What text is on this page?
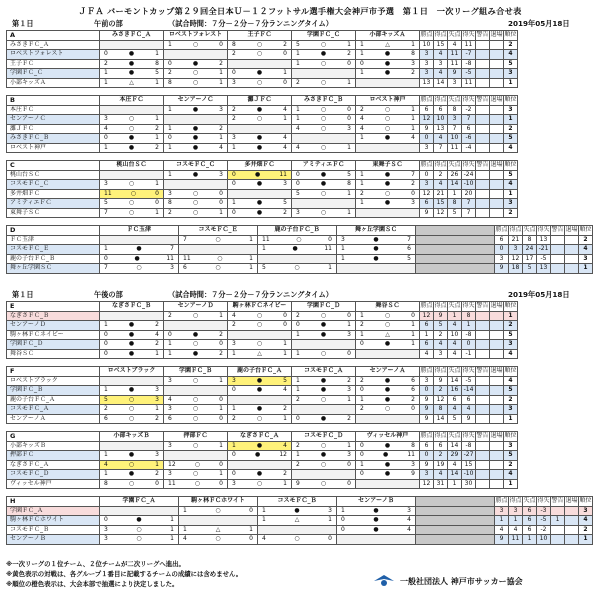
ＪＦＡ バーモントカップ第２９回全日本Ｕ－１２フットサル選手権大会神戸市予選　第１日　一次リーグ組み合せ表
第１日	午前の部	（試合時間：７分－２分－７分ランニングタイム）	2019年05月18日
A	みさきＦＣ_Ａ	ロベストフォレスト	王子ＦＣ	学園ＦＣ_Ｃ	小部キッズＡ	勝点	得点	失点	得失	警告	退場	順位
みさきＦＣ_Ａ		1 ○ 0	8 ○ 2	5 ○ 1	1 △ 1	10	15	4	11			2
ロベストフォレスト	0 ● 1		2 ○ 0	1 ● 2	1 ● 8	3	4	11	-7			4
王子ＦＣ	2 ● 8	0 ● 2		1 ○ 0	0 ● 3	3	3	11	-8			5
学園ＦＣ_Ｃ	1 ● 5	2 ○ 1	0 ● 1		1 ● 2	3	4	9	-5			3
小部キッズＡ	1 △ 1	8 ○ 1	3 ○ 0	2 ○ 1		13	14	3	11			1
B	本庄ＦＣ	センアーノＣ	灘ＪＦＣ	みさきＦＣ_Ｂ	ロベスト神戸	勝点	得点	失点	得失	警告	退場	順位
本庄ＦＣ		1 ● 3	2 ● 4	1 ○ 0	2 ○ 1	6	6	8	-2			3
センアーノＣ	3 ○ 1		2 ○ 1	1 ○ 0	4 ○ 1	12	10	3	7			1
灘ＪＦＣ	4 ○ 2	1 ● 2		4 ○ 3	4 ○ 1	9	13	7	6			2
みさきＦＣ_Ｂ	0 ● 1	0 ● 1	3 ● 4		1 ● 4	0	4	10	-6			5
ロベスト神戸	1 ● 2	1 ● 4	1 ● 4	4 ○ 1		3	7	11	-4			4
C	桃山台ＳＣ	コスモＦＣ_Ｃ	多井畑ＦＣ	アミティエＦＣ	東舞子ＳＣ	勝点	得点	失点	得失	警告	退場	順位
桃山台ＳＣ		1 ● 3	0 ● 11	0 ● 5	1 ● 7	0	2	26	-24			5
コスモＦＣ_Ｃ	3 ○ 1		0 ● 3	0 ● 8	1 ● 2	3	4	14	-10			4
多井畑ＦＣ	11 ○ 0	3 ○ 0		5 ○ 1	2 ○ 0	12	21	1	20			1
アミティエＦＣ	5 ○ 0	8 ○ 0	1 ● 5		1 ● 3	6	15	8	7			3
東舞子ＳＣ	7 ○ 1	2 ○ 1	0 ● 2	3 ○ 1		9	12	5	7			2
D	ＦＣ玉津	コスモＦＣ_Ｅ	鹿の子台ＦＣ_Ｂ	舞ヶ丘学園ＳＣ		勝点	得点	失点	得失	警告	退場	順位
ＦＣ玉津		7 ○ 1	11 ○ 0	3 ● 7		6	21	8	13			2
コスモＦＣ_Ｅ	1 ● 7		1 ● 11	1 ● 6		0	3	24	-21			4
鹿の子台ＦＣ_Ｂ	0 ● 11	11 ○ 1		1 ● 5		3	12	17	-5			3
舞ヶ丘学園ＳＣ	7 ○ 3	6 ○ 1	5 ○ 1			9	18	5	13			1
E	なぎさＦＣ_Ｂ	センアーノＤ	駒ヶ林ＦＣネイビー	学園ＦＣ_Ｄ	舞谷ＳＣ	勝点	得点	失点	得失	警告	退場	順位
なぎさＦＣ_Ｂ		2 ○ 1	4 ○ 0	2 ○ 0	1 ○ 0	12	9	1	8			1
センアーノＤ	1 ● 2		2 ○ 0	0 ● 1	2 ○ 1	6	5	4	1			2
駒ヶ林ＦＣネイビー	0 ● 4	0 ● 2		1 ● 3	1 △ 1	1	2	10	-8			5
学園ＦＣ_Ｄ	0 ● 2	1 ○ 0	3 ○ 1		0 ● 1	6	4	4	0			3
舞谷ＳＣ	0 ● 1	1 ● 2	1 △ 1	1 ○ 0		4	3	4	-1			4
F	ロベストブラック	学園ＦＣ_Ｂ	鹿の子台ＦＣ_Ａ	コスモＦＣ_Ａ	センアーノＡ	勝点	得点	失点	得失	警告	退場	順位
ロベストブラック		3 ○ 1	3 ● 5	1 ● 2	2 ● 6	3	9	14	-5			4
学園ＦＣ_Ｂ	1 ● 3		0 ● 4	1 ● 3	0 ● 6	0	2	16	-14			5
鹿の子台ＦＣ_Ａ	5 ○ 3	4 ○ 0		2 ○ 1	1 ● 2	9	12	6	6			2
コスモＦＣ_Ａ	2 ○ 1	3 ○ 1	1 ● 2		2 ○ 0	9	8	4	4			3
センアーノＡ	6 ○ 2	6 ○ 0	2 ○ 1	0 ● 2		9	14	5	9			1
G	小部キッズＢ	押部ＦＣ	なぎさＦＣ_Ａ	コスモＦＣ_Ｄ	ヴィッセル神戸	勝点	得点	失点	得失	警告	退場	順位
小部キッズＢ		3 ○ 1	1 ● 4	2 ○ 1	0 ● 8	6	6	14	-8			3
押部ＦＣ	1 ● 3		0 ● 12	1 ● 3	0 ● 11	0	2	29	-27			5
なぎさＦＣ_Ａ	4 ○ 1	12 ○ 0		2 ○ 0	1 ● 3	9	19	4	15			2
コスモＦＣ_Ｄ	1 ● 2	3 ○ 1	0 ● 2		0 ● 9	3	4	14	-10			4
ヴィッセル神戸	8 ○ 0	11 ○ 0	3 ○ 1	9 ○ 0		12	31	1	30			1
H	学園ＦＣ_Ａ	駒ヶ林ＦＣホワイト	コスモＦＣ_Ｂ	センアーノＢ		勝点	得点	失点	得失	警告	退場	順位
学園ＦＣ_Ａ		1 ○ 0	1 ● 3	1 ● 3		3	3	6	-3			3
駒ヶ林ＦＣホワイト	0 ● 1		1 △ 1	0 ● 4		1	1	6	-5	1		4
コスモＦＣ_Ｂ	3 ○ 1	1 △ 1		0 ● 4		4	4	6	-2			2
センアーノＢ	3 ○ 1	4 ○ 0	4 ○ 0			9	11	1	10			1
第１日	午後の部	（試合時間：７分－２分－７分ランニングタイム）	2019年05月18日
※一次リーグの１位チーム、２位チームが二次リーグへ進出。
※黄色表示の対戦は、各グループ１番目に記載するチームの成績には含めません。
※順位の橙色表示は、大会本部で抽選により決定しました。	一般社団法人 神戸市サッカー協会
